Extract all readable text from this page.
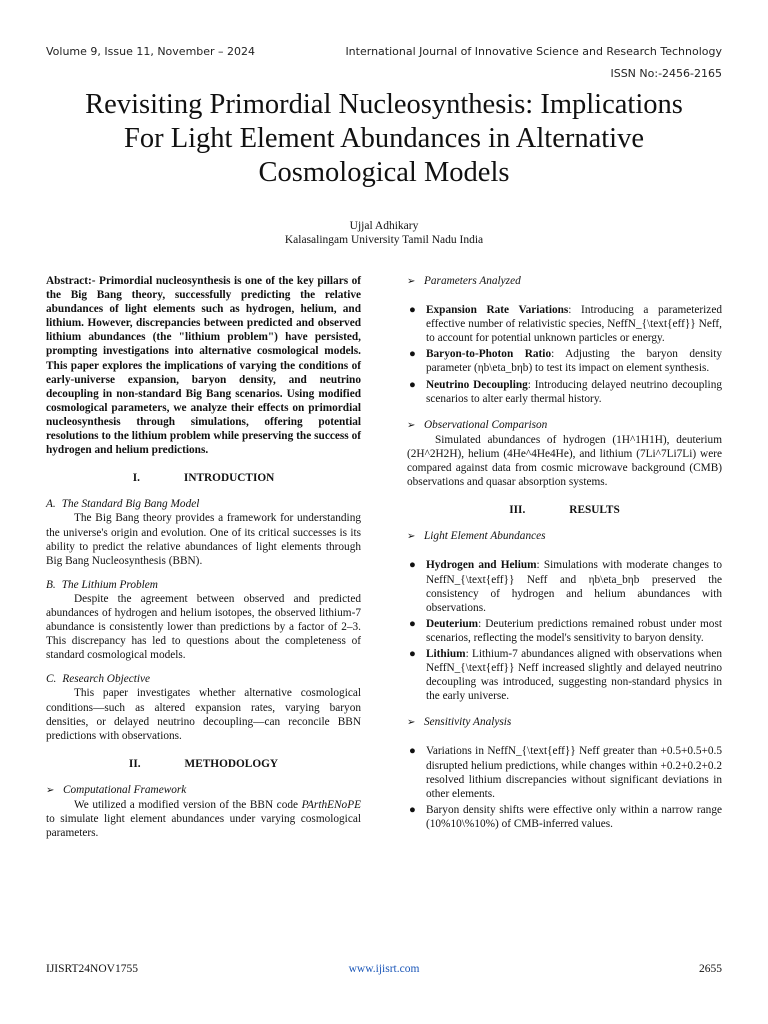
Volume 9, Issue 11, November – 2024	International Journal of Innovative Science and Research Technology
ISSN No:-2456-2165
Revisiting Primordial Nucleosynthesis: Implications
For Light Element Abundances in Alternative
Cosmological Models
Ujjal Adhikary
Kalasalingam University Tamil Nadu India

Abstract:- Primordial nucleosynthesis is one of the key pillars of the Big Bang theory, successfully predicting the relative abundances of light elements such as hydrogen, helium, and lithium. However, discrepancies between predicted and observed lithium abundances (the "lithium problem") have persisted, prompting investigations into alternative cosmological models. This paper explores the implications of varying the conditions of early-universe expansion, baryon density, and neutrino decoupling in non-standard Big Bang scenarios. Using modified cosmological parameters, we analyze their effects on primordial nucleosynthesis through simulations, offering potential resolutions to the lithium problem while preserving the success of hydrogen and helium predictions.

I.	INTRODUCTION
A. The Standard Big Bang Model

The Big Bang theory provides a framework for understanding the universe's origin and evolution. One of its critical successes is its ability to predict the relative abundances of light elements through Big Bang Nucleosynthesis (BBN).

B. The Lithium Problem

Despite the agreement between observed and predicted abundances of hydrogen and helium isotopes, the observed lithium-7 abundance is consistently lower than predictions by a factor of 2–3. This discrepancy has led to questions about the completeness of standard cosmological models.

C. Research Objective

This paper investigates whether alternative cosmological conditions—such as altered expansion rates, varying baryon densities, or delayed neutrino decoupling—can reconcile BBN predictions with observations.

II.	METHODOLOGY
➢ Computational Framework

We utilized a modified version of the BBN code PArthENoPE to simulate light element abundances under varying cosmological parameters.

➢ Parameters Analyzed
● Expansion Rate Variations: Introducing a parameterized effective number of relativistic species, NeffN_{\text{eff}} Neff, to account for potential unknown particles or energy.
● Baryon-to-Photon Ratio: Adjusting the baryon density parameter (ηb\eta_bηb) to test its impact on element synthesis.
● Neutrino Decoupling: Introducing delayed neutrino decoupling scenarios to alter early thermal history.
➢ Observational Comparison

Simulated abundances of hydrogen (1H^1H1H), deuterium (2H^2H2H), helium (4He^4He4He), and lithium (7Li^7Li7Li) were compared against data from cosmic microwave background (CMB) observations and quasar absorption systems.

III.	RESULTS
➢ Light Element Abundances
● Hydrogen and Helium: Simulations with moderate changes to NeffN_{\text{eff}} Neff and ηb\eta_bηb preserved the consistency of hydrogen and helium abundances with observations.
● Deuterium: Deuterium predictions remained robust under most scenarios, reflecting the model's sensitivity to baryon density.
● Lithium: Lithium-7 abundances aligned with observations when NeffN_{\text{eff}} Neff increased slightly and delayed neutrino decoupling was introduced, suggesting non-standard physics in the early universe.
➢ Sensitivity Analysis
● Variations in NeffN_{\text{eff}} Neff greater than +0.5+0.5+0.5 disrupted helium predictions, while changes within +0.2+0.2+0.2 resolved lithium discrepancies without significant deviations in other elements.
● Baryon density shifts were effective only within a narrow range (10%10\%10%) of CMB-inferred values.
IJISRT24NOV1755	www.ijisrt.com	2655
